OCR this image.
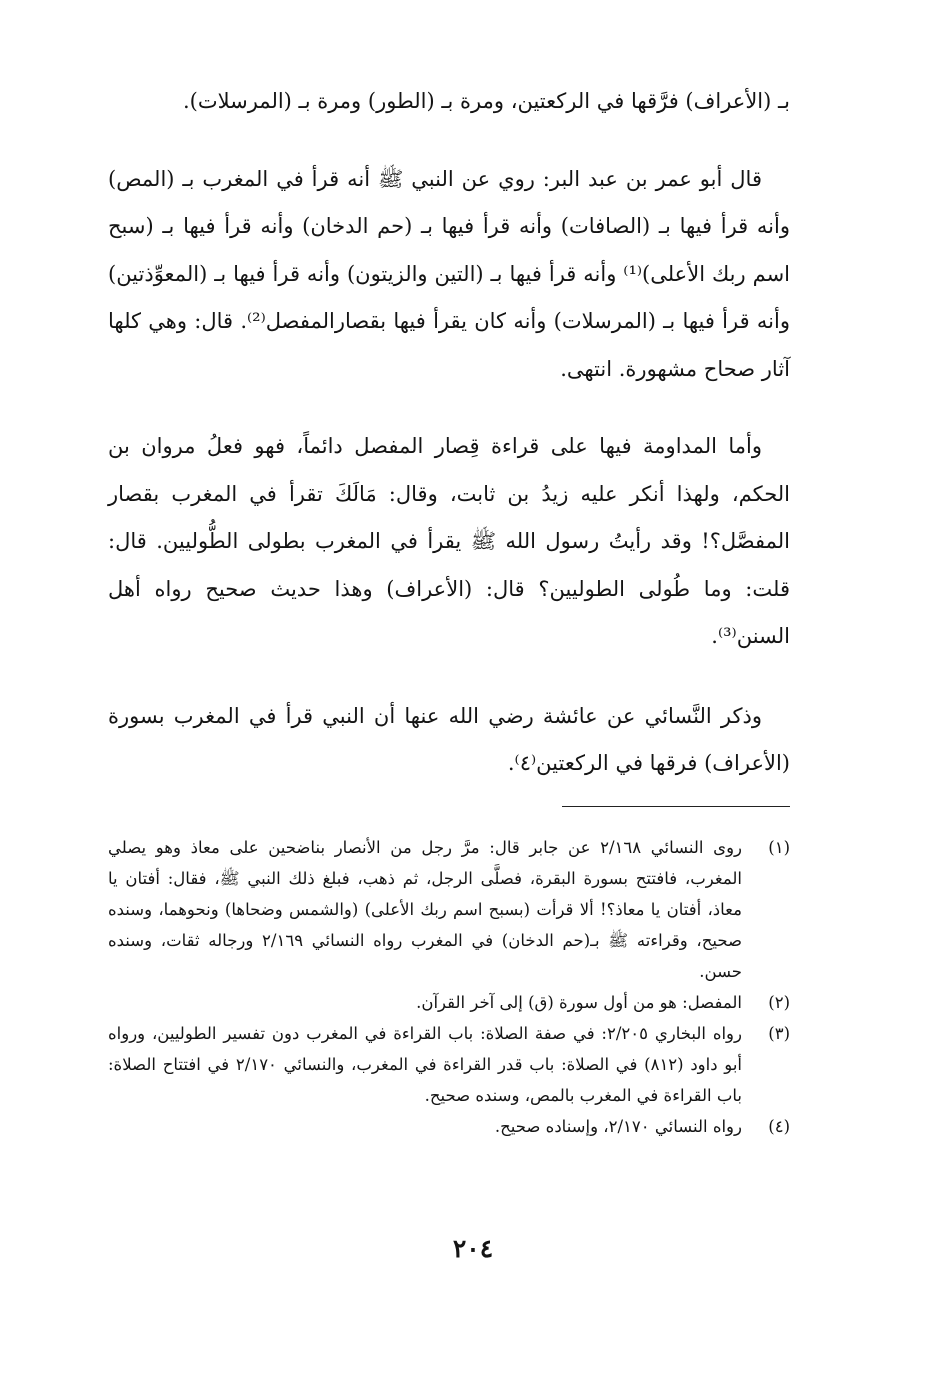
بـ (الأعراف) فرَّقها في الركعتين، ومرة بـ (الطور) ومرة بـ (المرسلات).

قال أبو عمر بن عبد البر: روي عن النبي ﷺ أنه قرأ في المغرب بـ (المص) وأنه قرأ فيها بـ (الصافات) وأنه قرأ فيها بـ (حم الدخان) وأنه قرأ فيها بـ (سبح اسم ربك الأعلى)⁽¹⁾ وأنه قرأ فيها بـ (التين والزيتون) وأنه قرأ فيها بـ (المعوِّذتين) وأنه قرأ فيها بـ (المرسلات) وأنه كان يقرأ فيها بقصارالمفصل⁽²⁾. قال: وهي كلها آثار صحاح مشهورة. انتهى.

وأما المداومة فيها على قراءة قِصار المفصل دائماً، فهو فعلُ مروان بن الحكم، ولهذا أنكر عليه زيدُ بن ثابت، وقال: مَالَكَ تقرأ في المغرب بقصار المفصَّل؟! وقد رأيتُ رسول الله ﷺ يقرأ في المغرب بطولى الطُّوليين. قال: قلت: وما طُولى الطوليين؟ قال: (الأعراف) وهذا حديث صحيح رواه أهل السنن⁽³⁾.

وذكر النَّسائي عن عائشة رضي الله عنها أن النبي قرأ في المغرب بسورة (الأعراف) فرقها في الركعتين⁽٤⁾.

(١)
روى النسائي ٢/١٦٨ عن جابر قال: مرَّ رجل من الأنصار بناضحين على معاذ وهو يصلي المغرب، فافتتح بسورة البقرة، فصلَّى الرجل، ثم ذهب، فبلغ ذلك النبي ﷺ، فقال: أفتان يا معاذ، أفتان يا معاذ؟! ألا قرأت (بسبح اسم ربك الأعلى) (والشمس وضحاها) ونحوهما، وسنده صحيح، وقراءته ﷺ بـ(حم الدخان) في المغرب رواه النسائي ٢/١٦٩ ورجاله ثقات، وسنده حسن.
(٢)
المفصل: هو من أول سورة (ق) إلى آخر القرآن.
(٣)
رواه البخاري ٢/٢٠٥: في صفة الصلاة: باب القراءة في المغرب دون تفسير الطوليين، ورواه أبو داود (٨١٢) في الصلاة: باب قدر القراءة في المغرب، والنسائي ٢/١٧٠ في افتتاح الصلاة: باب القراءة في المغرب بالمص، وسنده صحيح.
(٤)
رواه النسائي ٢/١٧٠، وإسناده صحيح.
٢٠٤
